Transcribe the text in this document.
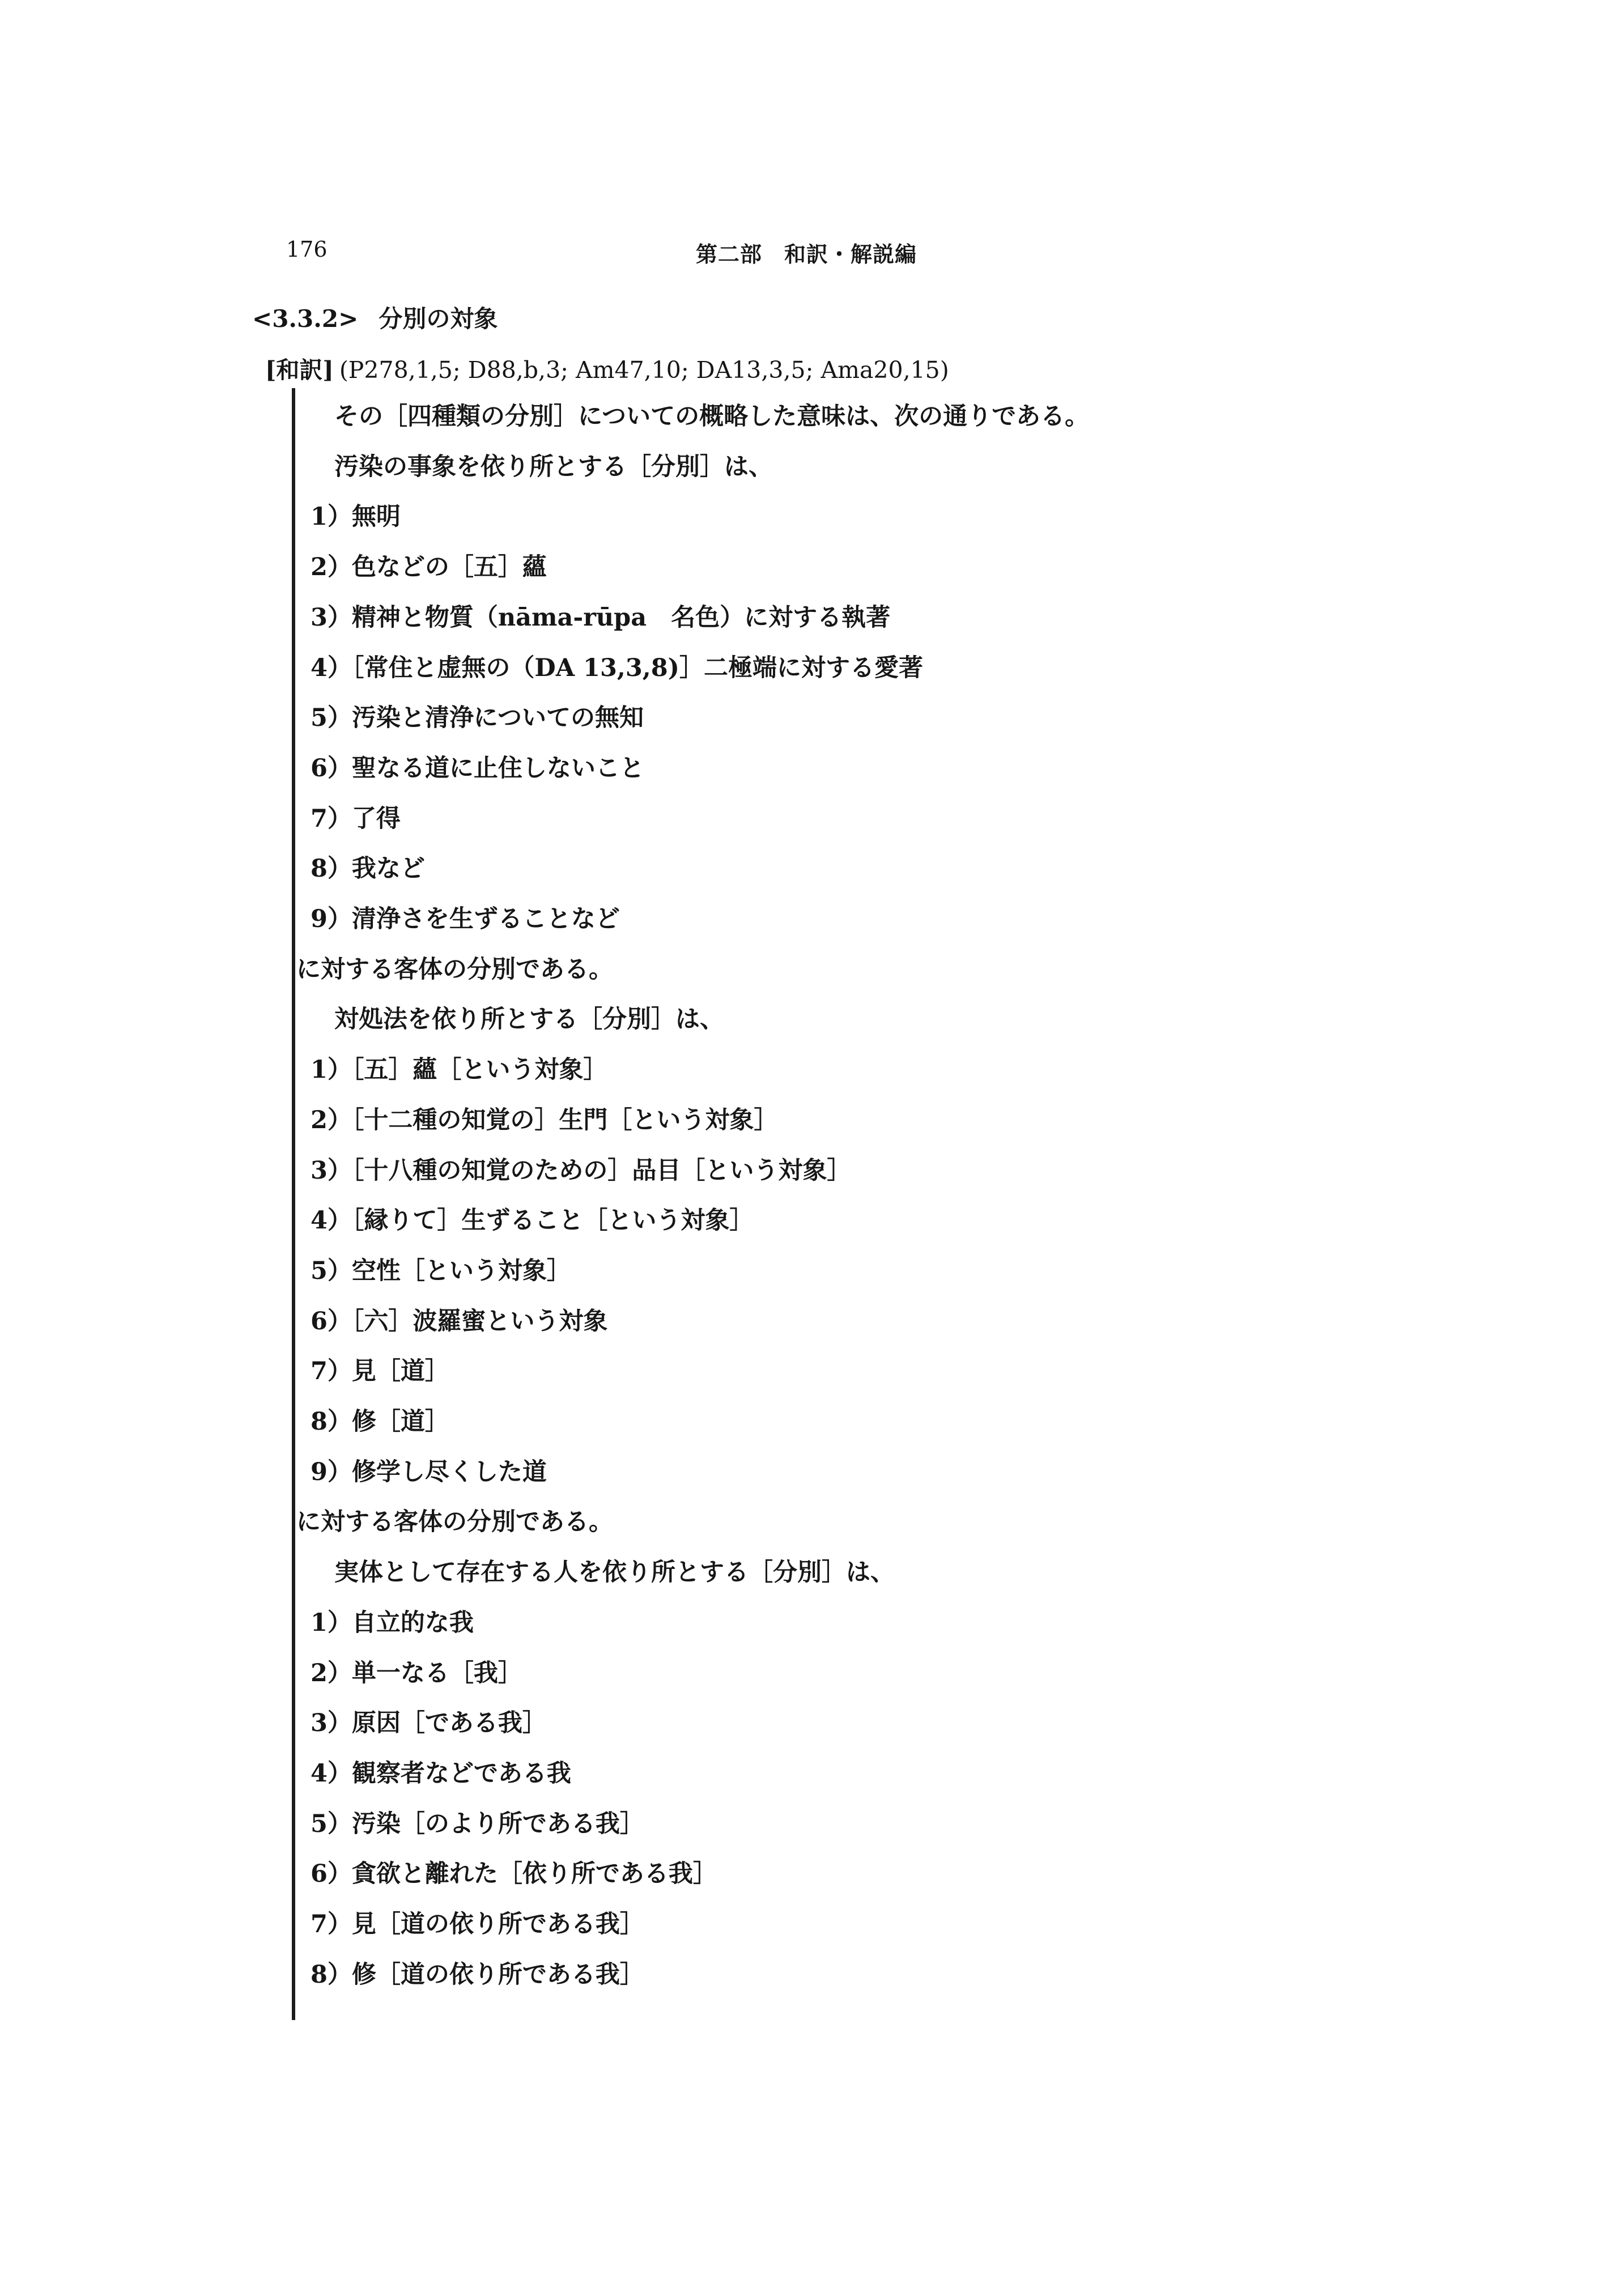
176	第二部　和訳・解説編
<3.3.2> 分別の対象
[和訳] (P278,1,5; D88,b,3; Am47,10; DA13,3,5; Ama20,15)
その［四種類の分別］についての概略した意味は、次の通りである。
汚染の事象を依り所とする［分別］は、
1）無明
2）色などの［五］蘊
3）精神と物質（nāma-rūpa　名色）に対する執著
4）［常住と虚無の（DA 13,3,8)］二極端に対する愛著
5）汚染と清浄についての無知
6）聖なる道に止住しないこと
7）了得
8）我など
9）清浄さを生ずることなど
に対する客体の分別である。
対処法を依り所とする［分別］は、
1）［五］蘊［という対象］
2）［十二種の知覚の］生門［という対象］
3）［十八種の知覚のための］品目［という対象］
4）［縁りて］生ずること［という対象］
5）空性［という対象］
6）［六］波羅蜜という対象
7）見［道］
8）修［道］
9）修学し尽くした道
に対する客体の分別である。
実体として存在する人を依り所とする［分別］は、
1）自立的な我
2）単一なる［我］
3）原因［である我］
4）観察者などである我
5）汚染［のより所である我］
6）貪欲と離れた［依り所である我］
7）見［道の依り所である我］
8）修［道の依り所である我］
